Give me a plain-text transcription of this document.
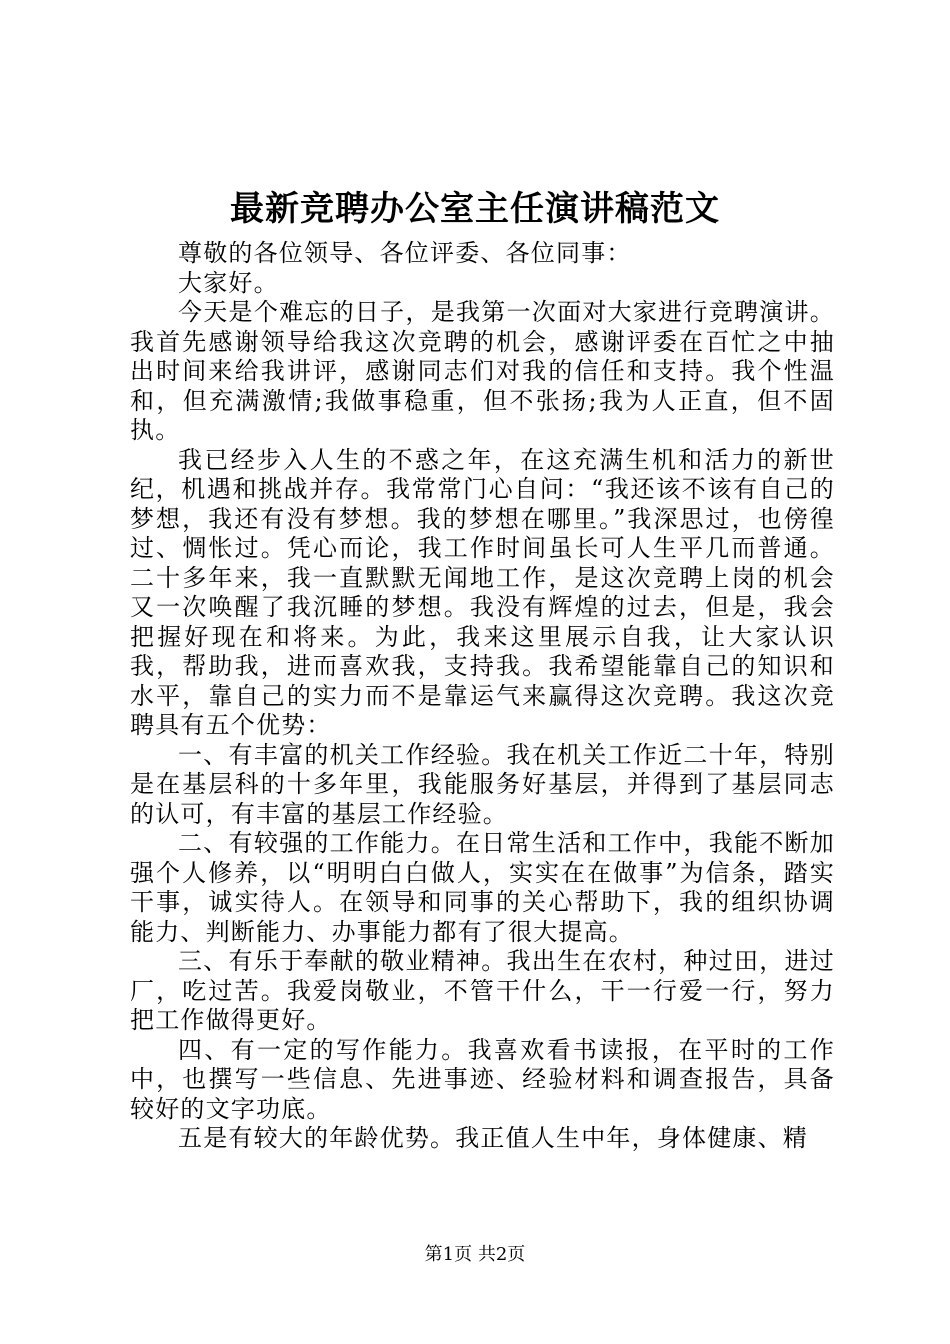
最新竞聘办公室主任演讲稿范文

尊敬的各位领导、各位评委、各位同事：

大家好。

今天是个难忘的日子，是我第一次面对大家进行竞聘演讲。我首先感谢领导给我这次竞聘的机会，感谢评委在百忙之中抽出时间来给我讲评，感谢同志们对我的信任和支持。我个性温和，但充满激情;我做事稳重，但不张扬;我为人正直，但不固执。

我已经步入人生的不惑之年，在这充满生机和活力的新世纪，机遇和挑战并存。我常常门心自问：“我还该不该有自己的梦想，我还有没有梦想。我的梦想在哪里。”我深思过，也傍徨过、惆怅过。凭心而论，我工作时间虽长可人生平几而普通。二十多年来，我一直默默无闻地工作，是这次竞聘上岗的机会又一次唤醒了我沉睡的梦想。我没有辉煌的过去，但是，我会把握好现在和将来。为此，我来这里展示自我，让大家认识我，帮助我，进而喜欢我，支持我。我希望能靠自己的知识和水平，靠自己的实力而不是靠运气来赢得这次竞聘。我这次竞聘具有五个优势：

一、有丰富的机关工作经验。我在机关工作近二十年，特别是在基层科的十多年里，我能服务好基层，并得到了基层同志的认可，有丰富的基层工作经验。

二、有较强的工作能力。在日常生活和工作中，我能不断加强个人修养，以“明明白白做人，实实在在做事”为信条，踏实干事，诚实待人。在领导和同事的关心帮助下，我的组织协调能力、判断能力、办事能力都有了很大提高。

三、有乐于奉献的敬业精神。我出生在农村，种过田，进过厂，吃过苦。我爱岗敬业，不管干什么，干一行爱一行，努力把工作做得更好。

四、有一定的写作能力。我喜欢看书读报，在平时的工作中，也撰写一些信息、先进事迹、经验材料和调查报告，具备较好的文字功底。

五是有较大的年龄优势。我正值人生中年，身体健康、精

第1页 共2页
